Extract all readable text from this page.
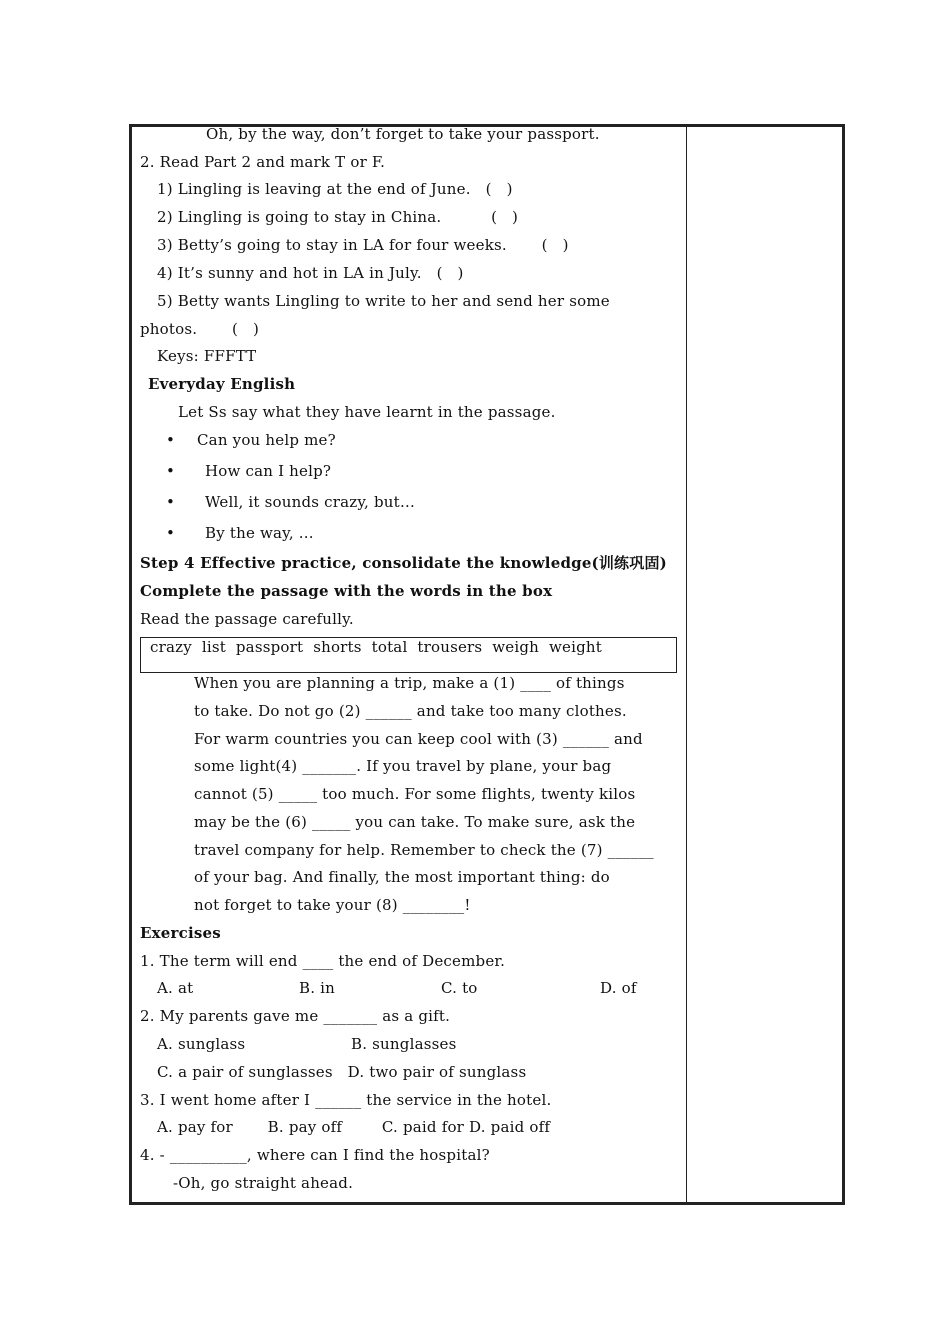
Oh, by the way, don’t forget to take your passport.
2. Read Part 2 and mark T or F.
1) Lingling is leaving at the end of June.   (   )
2) Lingling is going to stay in China.          (   )
3) Betty’s going to stay in LA for four weeks.       (   )
4) It’s sunny and hot in LA in July.   (   )
5) Betty wants Lingling to write to her and send her some
photos.       (   )
Keys: FFFTT
Everyday English
Let Ss say what they have learnt in the passage.
• Can you help me?
• How can I help?
• Well, it sounds crazy, but…
• By the way, ...
Step 4 Effective practice, consolidate the knowledge(训练巩固)
Complete the passage with the words in the box
Read the passage carefully.
crazy  list  passport  shorts  total  trousers  weigh  weight
When you are planning a trip, make a (1) ____ of things
to take. Do not go (2) ______ and take too many clothes.
For warm countries you can keep cool with (3) ______ and
some light(4) _______. If you travel by plane, your bag
cannot (5) _____ too much. For some flights, twenty kilos
may be the (6) _____ you can take. To make sure, ask the
travel company for help. Remember to check the (7) ______
of your bag. And finally, the most important thing: do
not forget to take your (8) ________!
Exercises
1. The term will end ____ the end of December.
A. at	B. in	C. to	D. of
2. My parents gave me _______ as a gift.
A. sunglass	B. sunglasses
C. a pair of sunglasses   D. two pair of sunglass
3. I went home after I ______ the service in the hotel.
A. pay for       B. pay off        C. paid for D. paid off
4. - __________, where can I find the hospital?
-Oh, go straight ahead.
